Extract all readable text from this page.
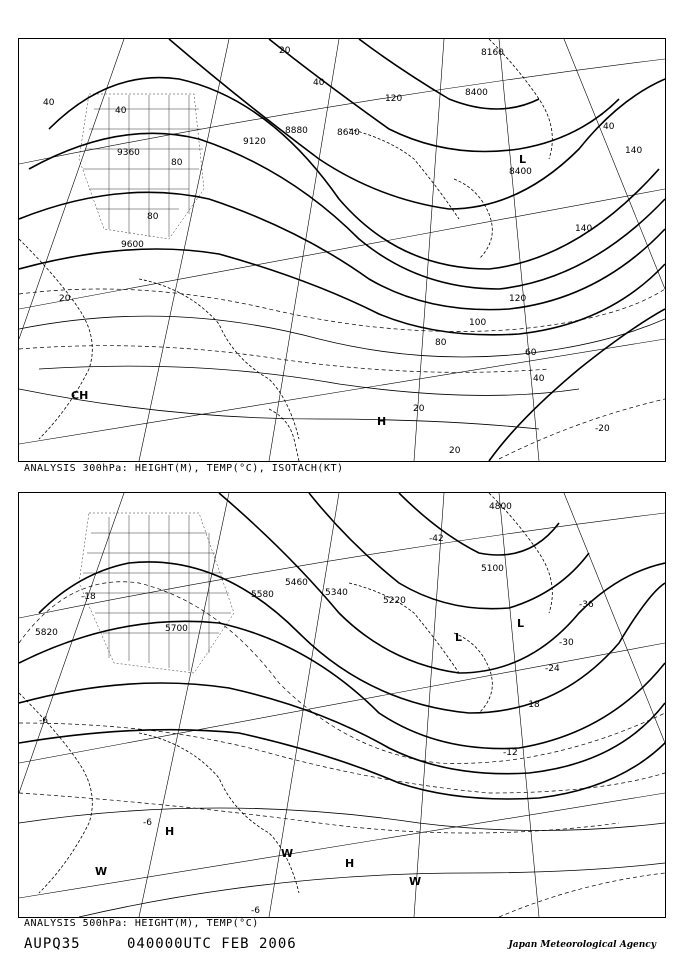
8160
8400
8400
8880	8640
9120
9360
9600
20
40
40
40
80
120
140
140
120
100
80
60
40
20
20
-20
20
80
40
L
H
CH
ANALYSIS 300hPa: HEIGHT(M), TEMP(°C), ISOTACH(KT)
4800
5100
5220
5340
5460
5580
5700
5820
-42
-18
-36
-30
-24
-18
-12
-6
-6
-6
L
L
H
H
W
W
W
ANALYSIS 500hPa: HEIGHT(M), TEMP(°C)
AUPQ35	040000UTC FEB 2006	Japan Meteorological Agency
